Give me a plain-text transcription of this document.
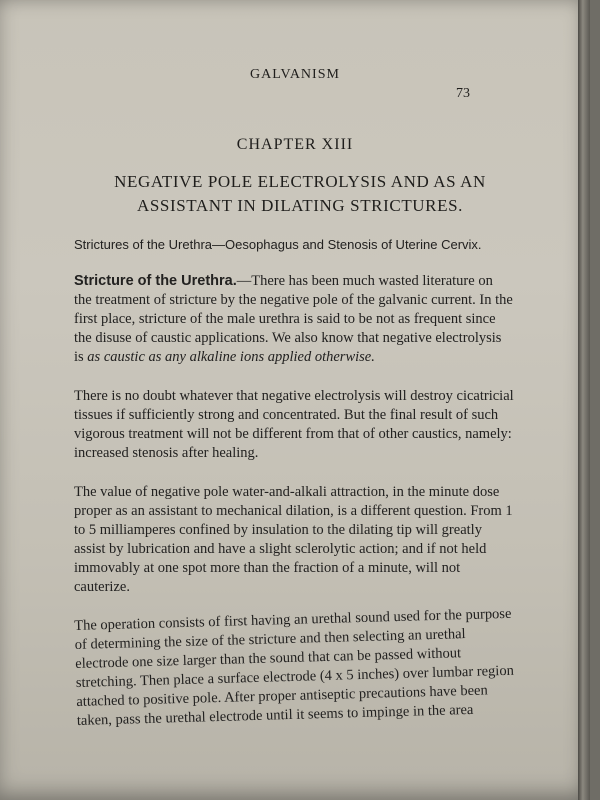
GALVANISM
73
CHAPTER XIII
NEGATIVE POLE ELECTROLYSIS AND AS AN
ASSISTANT IN DILATING STRICTURES.
Strictures of the Urethra—Oesophagus and Stenosis of Uterine Cervix.
Stricture of the Urethra.—There has been much wasted literature on the treatment of stricture by the negative pole of the galvanic current. In the first place, stricture of the male urethra is said to be not as frequent since the disuse of caustic applications. We also know that negative electrolysis is as caustic as any alkaline ions applied otherwise.
There is no doubt whatever that negative electrolysis will destroy cicatricial tissues if sufficiently strong and concentrated. But the final result of such vigorous treatment will not be different from that of other caustics, namely: increased stenosis after healing.
The value of negative pole water-and-alkali attraction, in the minute dose proper as an assistant to mechanical dilation, is a different question. From 1 to 5 milliamperes confined by insulation to the dilating tip will greatly assist by lubrication and have a slight sclerolytic action; and if not held immovably at one spot more than the fraction of a minute, will not cauterize.
The operation consists of first having an urethal sound used for the purpose of determining the size of the stricture and then selecting an urethal electrode one size larger than the sound that can be passed without stretching. Then place a surface electrode (4 x 5 inches) over lumbar region attached to positive pole. After proper antiseptic precautions have been taken, pass the urethal electrode until it seems to impinge in the area
